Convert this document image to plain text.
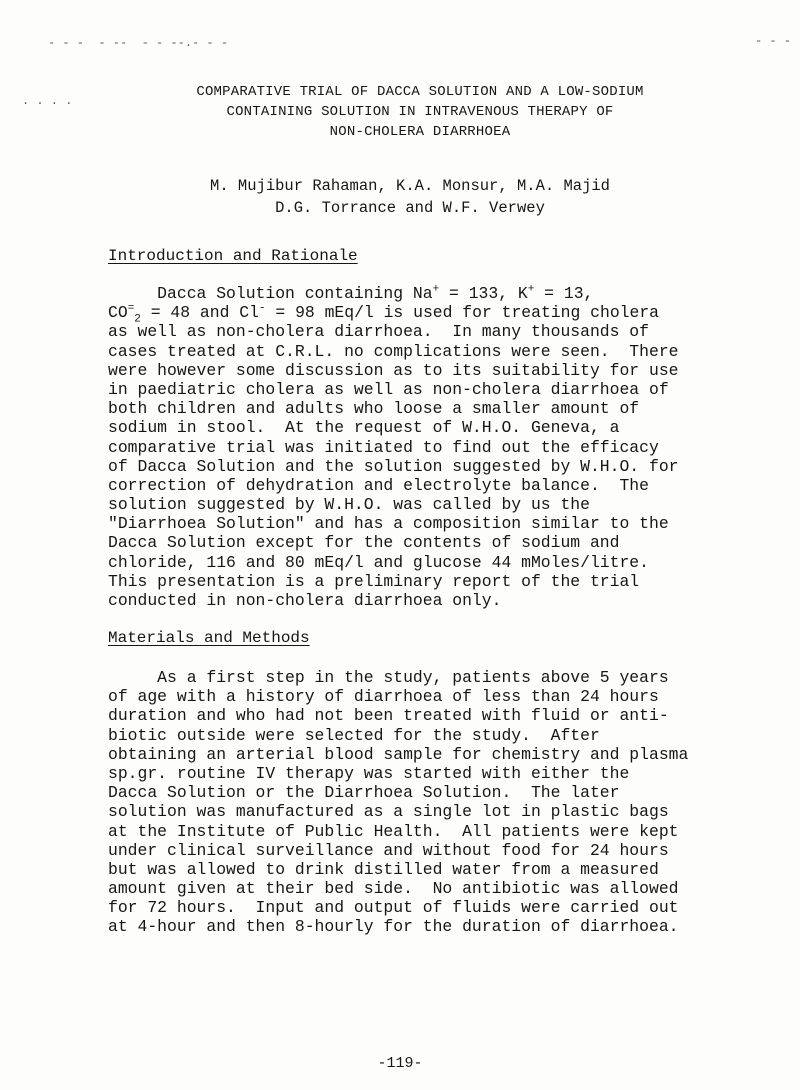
- - -  - --  - - --.- - -
. . . .
- - -
COMPARATIVE TRIAL OF DACCA SOLUTION AND A LOW-SODIUM
CONTAINING SOLUTION IN INTRAVENOUS THERAPY OF
NON-CHOLERA DIARRHOEA
M. Mujibur Rahaman, K.A. Monsur, M.A. Majid
D.G. Torrance and W.F. Verwey
Introduction and Rationale
Dacca Solution containing Na+ = 133, K+ = 13,
$CO^=_2 = 48$ and Cl- = 98 mEq/l is used for treating cholera
as well as non-cholera diarrhoea.  In many thousands of
cases treated at C.R.L. no complications were seen.  There
were however some discussion as to its suitability for use
in paediatric cholera as well as non-cholera diarrhoea of
both children and adults who loose a smaller amount of
sodium in stool.  At the request of W.H.O. Geneva, a
comparative trial was initiated to find out the efficacy
of Dacca Solution and the solution suggested by W.H.O. for
correction of dehydration and electrolyte balance.  The
solution suggested by W.H.O. was called by us the
"Diarrhoea Solution" and has a composition similar to the
Dacca Solution except for the contents of sodium and
chloride, 116 and 80 mEq/l and glucose 44 mMoles/litre.
This presentation is a preliminary report of the trial
conducted in non-cholera diarrhoea only.
Materials and Methods
As a first step in the study, patients above 5 years
of age with a history of diarrhoea of less than 24 hours
duration and who had not been treated with fluid or anti-
biotic outside were selected for the study.  After
obtaining an arterial blood sample for chemistry and plasma
sp.gr. routine IV therapy was started with either the
Dacca Solution or the Diarrhoea Solution.  The later
solution was manufactured as a single lot in plastic bags
at the Institute of Public Health.  All patients were kept
under clinical surveillance and without food for 24 hours
but was allowed to drink distilled water from a measured
amount given at their bed side.  No antibiotic was allowed
for 72 hours.  Input and output of fluids were carried out
at 4-hour and then 8-hourly for the duration of diarrhoea.
-119-
